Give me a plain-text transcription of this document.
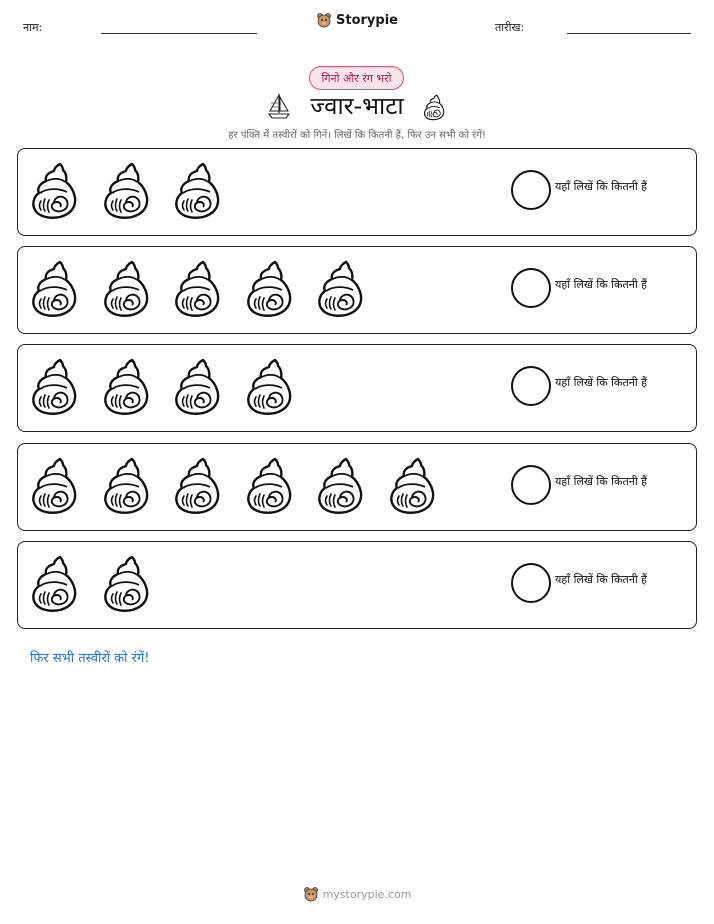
नाम:	Storypie	तारीख:
गिनो और रंग भरो
ज्वार-भाटा
हर पंक्ति में तस्वीरों को गिनें। लिखें कि कितनी हैं, फिर उन सभी को रंगें!
यहाँ लिखें कि कितनी हैं
यहाँ लिखें कि कितनी हैं
यहाँ लिखें कि कितनी हैं
यहाँ लिखें कि कितनी हैं
यहाँ लिखें कि कितनी हैं
फिर सभी तस्वीरों को रंगें!
mystorypie.com
